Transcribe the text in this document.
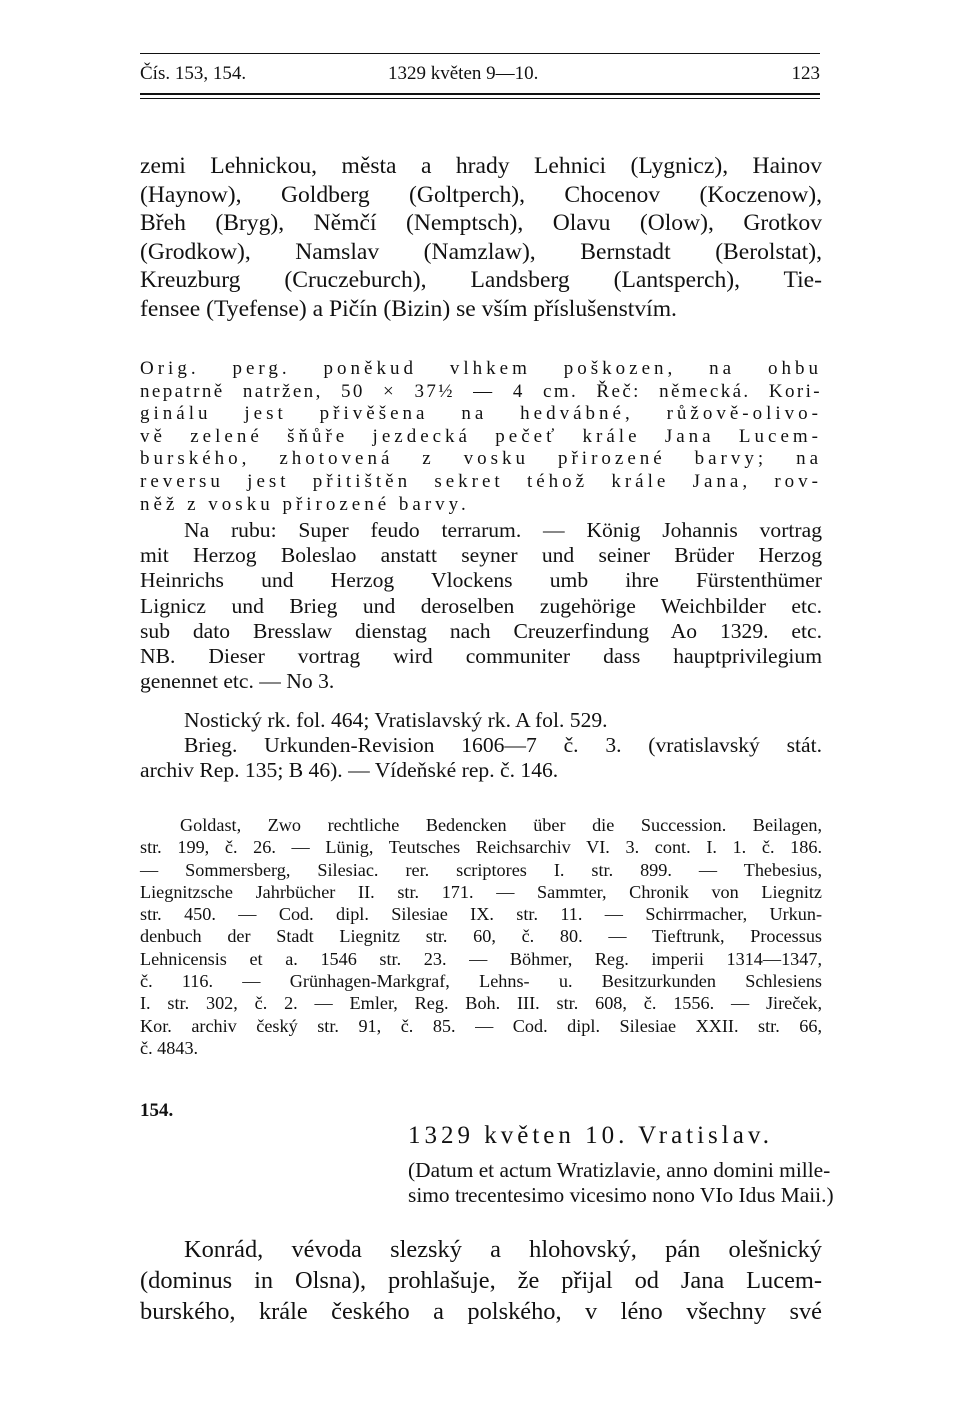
Čís. 153, 154.	1329 květen 9—10.	123

zemi Lehnickou, města a hrady Lehnici (Lygnicz), Hainov
(Haynow), Goldberg (Goltperch), Chocenov (Koczenow),
Břeh (Bryg), Němčí (Nemptsch), Olavu (Olow), Grotkov
(Grodkow), Namslav (Namzlaw), Bernstadt (Berolstat),
Kreuzburg (Cruczeburch), Landsberg (Lantsperch), Tie-
fensee (Tyefense) a Pičín (Bizin) se vším příslušenstvím.

Orig. perg. poněkud vlhkem poškozen, na ohbu
nepatrně natržen, 50 × 37½ — 4 cm. Řeč: německá. Kori-
ginálu jest přivěšena na hedvábné, růžově-olivo-
vě zelené šňůře jezdecká pečeť krále Jana Lucem-
burského, zhotovená z vosku přirozené barvy; na
reversu jest přitištěn sekret téhož krále Jana, rov-
něž z vosku přirozené barvy.

Na rubu: Super feudo terrarum. — König Johannis vortrag
mit Herzog Boleslao anstatt seyner und seiner Brüder Herzog
Heinrichs und Herzog Vlockens umb ihre Fürstenthümer
Lignicz und Brieg und deroselben zugehörige Weichbilder etc.
sub dato Bresslaw dienstag nach Creuzerfindung Ao 1329. etc.
NB. Dieser vortrag wird communiter dass hauptprivilegium
genennet etc. — No 3.

Nostický rk. fol. 464; Vratislavský rk. A fol. 529.
Brieg. Urkunden-Revision 1606—7 č. 3. (vratislavský stát.
archiv Rep. 135; B 46). — Vídeňské rep. č. 146.

Goldast, Zwo rechtliche Bedencken über die Succession. Beilagen,
str. 199, č. 26. — Lünig, Teutsches Reichsarchiv VI. 3. cont. I. 1. č. 186.
— Sommersberg, Silesiac. rer. scriptores I. str. 899. — Thebesius,
Liegnitzsche Jahrbücher II. str. 171. — Sammter, Chronik von Liegnitz
str. 450. — Cod. dipl. Silesiae IX. str. 11. — Schirrmacher, Urkun-
denbuch der Stadt Liegnitz str. 60, č. 80. — Tieftrunk, Processus
Lehnicensis et a. 1546 str. 23. — Böhmer, Reg. imperii 1314—1347,
č. 116. — Grünhagen-Markgraf, Lehns- u. Besitzurkunden Schlesiens
I. str. 302, č. 2. — Emler, Reg. Boh. III. str. 608, č. 1556. — Jireček,
Kor. archiv český str. 91, č. 85. — Cod. dipl. Silesiae XXII. str. 66,
č. 4843.

154.
1329 květen 10. Vratislav.
(Datum et actum Wratizlavie, anno domini mille-
simo trecentesimo vicesimo nono VIo Idus Maii.)

Konrád, vévoda slezský a hlohovský, pán olešnický
(dominus in Olsna), prohlašuje, že přijal od Jana Lucem-
burského, krále českého a polského, v léno všechny své
